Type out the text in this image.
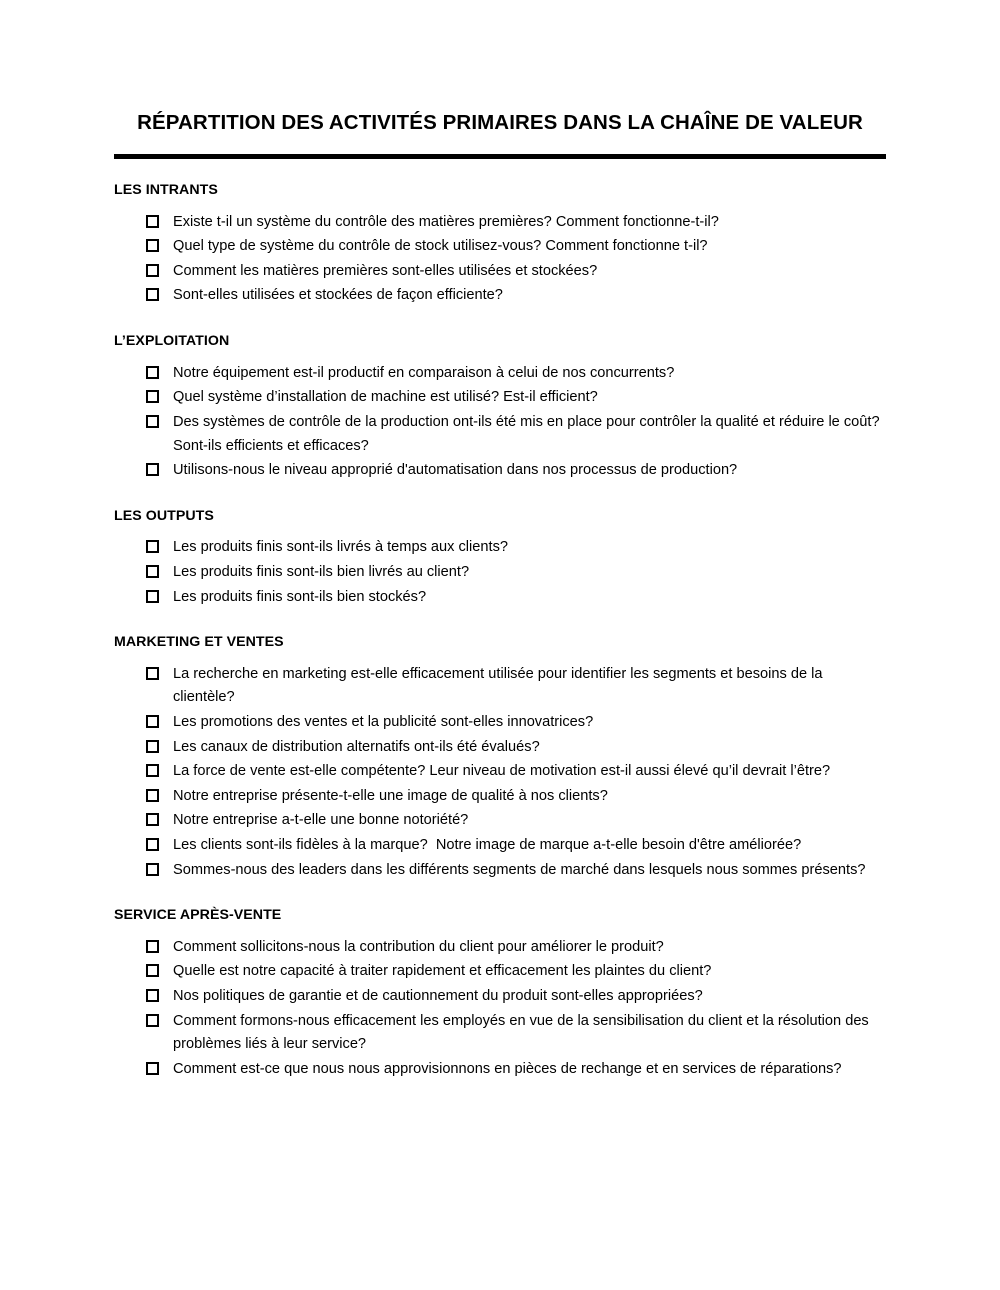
RÉPARTITION DES ACTIVITÉS PRIMAIRES DANS LA CHAÎNE DE VALEUR
LES INTRANTS
Existe t-il un système du contrôle des matières premières? Comment fonctionne-t-il?
Quel type de système du contrôle de stock utilisez-vous? Comment fonctionne t-il?
Comment les matières premières sont-elles utilisées et stockées?
Sont-elles utilisées et stockées de façon efficiente?
L’EXPLOITATION
Notre équipement est-il productif en comparaison à celui de nos concurrents?
Quel système d’installation de machine est utilisé? Est-il efficient?
Des systèmes de contrôle de la production ont-ils été mis en place pour contrôler la qualité et réduire le coût? Sont-ils efficients et efficaces?
Utilisons-nous le niveau approprié d'automatisation dans nos processus de production?
LES OUTPUTS
Les produits finis sont-ils livrés à temps aux clients?
Les produits finis sont-ils bien livrés au client?
Les produits finis sont-ils bien stockés?
MARKETING ET VENTES
La recherche en marketing est-elle efficacement utilisée pour identifier les segments et besoins de la clientèle?
Les promotions des ventes et la publicité sont-elles innovatrices?
Les canaux de distribution alternatifs ont-ils été évalués?
La force de vente est-elle compétente? Leur niveau de motivation est-il aussi élevé qu’il devrait l’être?
Notre entreprise présente-t-elle une image de qualité à nos clients?
Notre entreprise a-t-elle une bonne notoriété?
Les clients sont-ils fidèles à la marque?  Notre image de marque a-t-elle besoin d'être améliorée?
Sommes-nous des leaders dans les différents segments de marché dans lesquels nous sommes présents?
SERVICE APRÈS-VENTE
Comment sollicitons-nous la contribution du client pour améliorer le produit?
Quelle est notre capacité à traiter rapidement et efficacement les plaintes du client?
Nos politiques de garantie et de cautionnement du produit sont-elles appropriées?
Comment formons-nous efficacement les employés en vue de la sensibilisation du client et la résolution des problèmes liés à leur service?
Comment est-ce que nous nous approvisionnons en pièces de rechange et en services de réparations?
